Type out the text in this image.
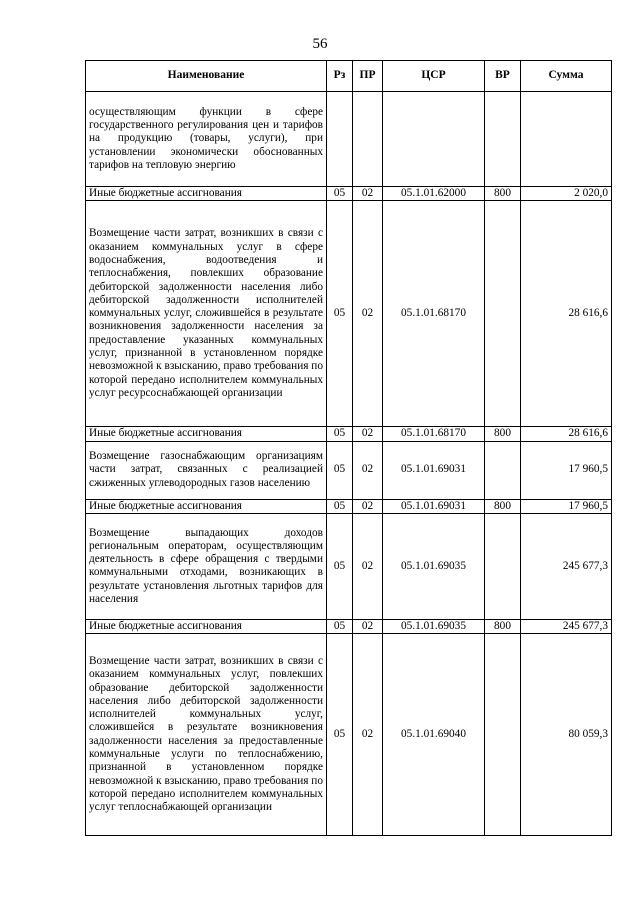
56
Наименование	Рз	ПР	ЦСР	ВР	Сумма
осуществляющим функции в сфере государственного регулирования цен и тарифов на продукцию (товары, услуги), при установлении экономически обоснованных тарифов на тепловую энергию					
Иные бюджетные ассигнования	05	02	05.1.01.62000	800	2 020,0
Возмещение части затрат, возникших в связи с оказанием коммунальных услуг в сфере водоснабжения, водоотведения и теплоснабжения, повлекших образование дебиторской задолженности населения либо дебиторской задолженности исполнителей коммунальных услуг, сложившейся в результате возникновения задолженности населения за предоставление указанных коммунальных услуг, признанной в установленном порядке невозможной к взысканию, право требования по которой передано исполнителем коммунальных услуг ресурсоснабжающей организации	05	02	05.1.01.68170		28 616,6
Иные бюджетные ассигнования	05	02	05.1.01.68170	800	28 616,6
Возмещение газоснабжающим организациям части затрат, связанных с реализацией сжиженных углеводородных газов населению	05	02	05.1.01.69031		17 960,5
Иные бюджетные ассигнования	05	02	05.1.01.69031	800	17 960,5
Возмещение выпадающих доходов региональным операторам, осуществляющим деятельность в сфере обращения с твердыми коммунальными отходами, возникающих в результате установления льготных тарифов для населения	05	02	05.1.01.69035		245 677,3
Иные бюджетные ассигнования	05	02	05.1.01.69035	800	245 677,3
Возмещение части затрат, возникших в связи с оказанием коммунальных услуг, повлекших образование дебиторской задолженности населения либо дебиторской задолженности исполнителей коммунальных услуг, сложившейся в результате возникновения задолженности населения за предоставленные коммунальные услуги по теплоснабжению, признанной в установленном порядке невозможной к взысканию, право требования по которой передано исполнителем коммунальных услуг теплоснабжающей организации	05	02	05.1.01.69040		80 059,3
